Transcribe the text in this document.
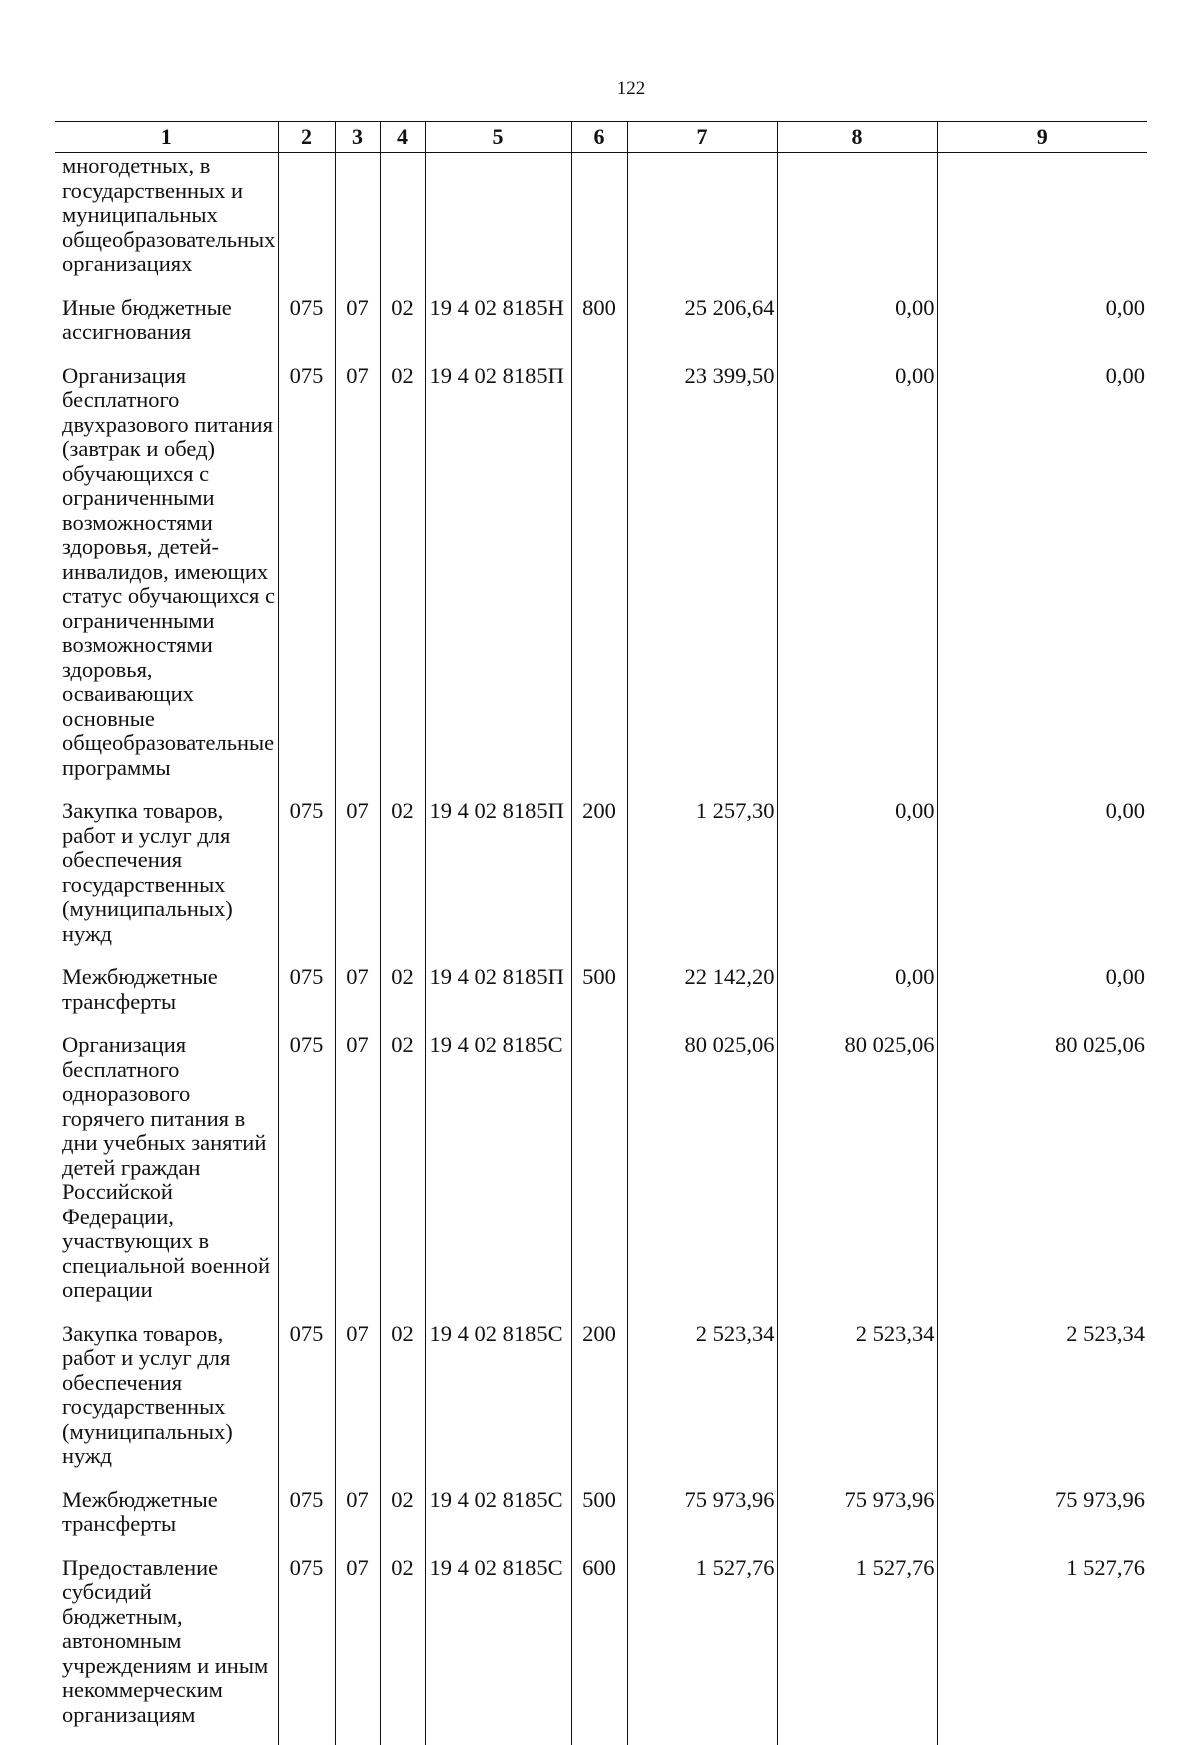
122
1	2	3	4	5	6	7	8	9
многодетных, в государственных и муниципальных общеобразовательных организациях								
Иные бюджетные ассигнования	075	07	02	19 4 02 8185Н	800	25 206,64	0,00	0,00
Организация бесплатного двухразового питания (завтрак и обед) обучающихся с ограниченными возможностями здоровья, детей-инвалидов, имеющих статус обучающихся с ограниченными возможностями здоровья, осваивающих основные общеобразовательные программы	075	07	02	19 4 02 8185П		23 399,50	0,00	0,00
Закупка товаров, работ и услуг для обеспечения государственных (муниципальных) нужд	075	07	02	19 4 02 8185П	200	1 257,30	0,00	0,00
Межбюджетные трансферты	075	07	02	19 4 02 8185П	500	22 142,20	0,00	0,00
Организация бесплатного одноразового горячего питания в дни учебных занятий детей граждан Российской Федерации, участвующих в специальной военной операции	075	07	02	19 4 02 8185С		80 025,06	80 025,06	80 025,06
Закупка товаров, работ и услуг для обеспечения государственных (муниципальных) нужд	075	07	02	19 4 02 8185С	200	2 523,34	2 523,34	2 523,34
Межбюджетные трансферты	075	07	02	19 4 02 8185С	500	75 973,96	75 973,96	75 973,96
Предоставление субсидий бюджетным, автономным учреждениям и иным некоммерческим организациям	075	07	02	19 4 02 8185С	600	1 527,76	1 527,76	1 527,76
